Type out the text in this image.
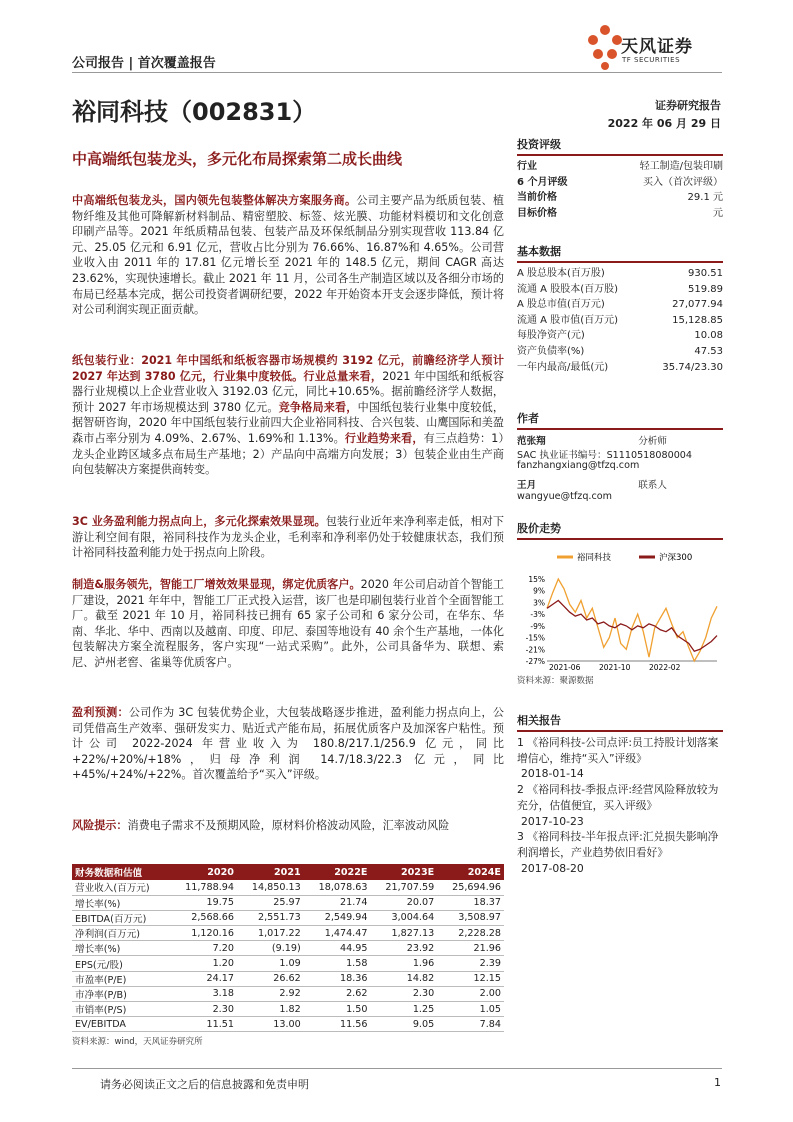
公司报告 | 首次覆盖报告
天风证券
TF SECURITIES
裕同科技（002831）	证券研究报告
2022 年 06 月 29 日
中高端纸包装龙头，多元化布局探索第二成长曲线
中高端纸包装龙头，国内领先包装整体解决方案服务商。公司主要产品为纸质包装、植物纤维及其他可降解新材料制品、精密塑胶、标签、炫光膜、功能材料模切和文化创意印刷产品等。2021 年纸质精品包装、包装产品及环保纸制品分别实现营收 113.84 亿元、25.05 亿元和 6.91 亿元，营收占比分别为 76.66%、16.87%和 4.65%。公司营业收入由 2011 年的 17.81 亿元增长至 2021 年的 148.5 亿元，期间 CAGR 高达 23.62%，实现快速增长。截止 2021 年 11 月，公司各生产制造区域以及各细分市场的布局已经基本完成，据公司投资者调研纪要，2022 年开始资本开支会逐步降低，预计将对公司利润实现正面贡献。
纸包装行业：2021 年中国纸和纸板容器市场规模约 3192 亿元，前瞻经济学人预计 2027 年达到 3780 亿元，行业集中度较低。行业总量来看，2021 年中国纸和纸板容器行业规模以上企业营业收入 3192.03 亿元，同比+10.65%。据前瞻经济学人数据，预计 2027 年市场规模达到 3780 亿元。竞争格局来看，中国纸包装行业集中度较低，据智研咨询，2020 年中国纸包装行业前四大企业裕同科技、合兴包装、山鹰国际和美盈森市占率分别为 4.09%、2.67%、1.69%和 1.13%。行业趋势来看，有三点趋势：1）龙头企业跨区域多点布局生产基地；2）产品向中高端方向发展；3）包装企业由生产商向包装解决方案提供商转变。
3C 业务盈利能力拐点向上，多元化探索效果显现。包装行业近年来净利率走低，相对下游让利空间有限，裕同科技作为龙头企业，毛利率和净利率仍处于较健康状态，我们预计裕同科技盈利能力处于拐点向上阶段。
制造&服务领先，智能工厂增效效果显现，绑定优质客户。2020 年公司启动首个智能工厂建设，2021 年年中，智能工厂正式投入运营，该厂也是印刷包装行业首个全面智能工厂。截至 2021 年 10 月，裕同科技已拥有 65 家子公司和 6 家分公司，在华东、华南、华北、华中、西南以及越南、印度、印尼、泰国等地设有 40 余个生产基地，一体化包装解决方案全流程服务，客户实现“一站式采购”。此外，公司具备华为、联想、索尼、泸州老窖、雀巢等优质客户。
盈利预测：公司作为 3C 包装优势企业，大包装战略逐步推进，盈利能力拐点向上，公司凭借高生产效率、强研发实力、贴近式产能布局，拓展优质客户及加深客户粘性。预计公司 2022-2024 年营业收入为 180.8/217.1/256.9 亿元，同比+22%/+20%/+18%，归母净利润 14.7/18.3/22.3 亿元，同比+45%/+24%/+22%。首次覆盖给予“买入”评级。
风险提示：消费电子需求不及预期风险，原材料价格波动风险，汇率波动风险
财务数据和估值	2020	2021	2022E	2023E	2024E
营业收入(百万元)	11,788.94	14,850.13	18,078.63	21,707.59	25,694.96
增长率(%)	19.75	25.97	21.74	20.07	18.37
EBITDA(百万元)	2,568.66	2,551.73	2,549.94	3,004.64	3,508.97
净利润(百万元)	1,120.16	1,017.22	1,474.47	1,827.13	2,228.28
增长率(%)	7.20	(9.19)	44.95	23.92	21.96
EPS(元/股)	1.20	1.09	1.58	1.96	2.39
市盈率(P/E)	24.17	26.62	18.36	14.82	12.15
市净率(P/B)	3.18	2.92	2.62	2.30	2.00
市销率(P/S)	2.30	1.82	1.50	1.25	1.05
EV/EBITDA	11.51	13.00	11.56	9.05	7.84
资料来源：wind，天风证券研究所
投资评级
行业	轻工制造/包装印刷
6 个月评级	买入（首次评级）
当前价格	29.1 元
目标价格	元
基本数据
A 股总股本(百万股)	930.51
流通 A 股股本(百万股)	519.89
A 股总市值(百万元)	27,077.94
流通 A 股市值(百万元)	15,128.85
每股净资产(元)	10.08
资产负债率(%)	47.53
一年内最高/最低(元)	35.74/23.30
作者
范张翔	分析师
SAC 执业证书编号：S1110518080004
fanzhangxiang@tfzq.com
王月	联系人
wangyue@tfzq.com
股价走势
裕同科技	沪深300
15%
9%
3%
-3%
-9%
-15%
-21%
-27%
2021-06 2021-10 2022-02
资料来源：聚源数据
相关报告
1 《裕同科技-公司点评:员工持股计划落案增信心，维持“买入”评级》
2018-01-14
2 《裕同科技-季报点评:经营风险释放较为充分，估值便宜，买入评级》
2017-10-23
3 《裕同科技-半年报点评:汇兑损失影响净利润增长，产业趋势依旧看好》
2017-08-20
请务必阅读正文之后的信息披露和免责申明	1
